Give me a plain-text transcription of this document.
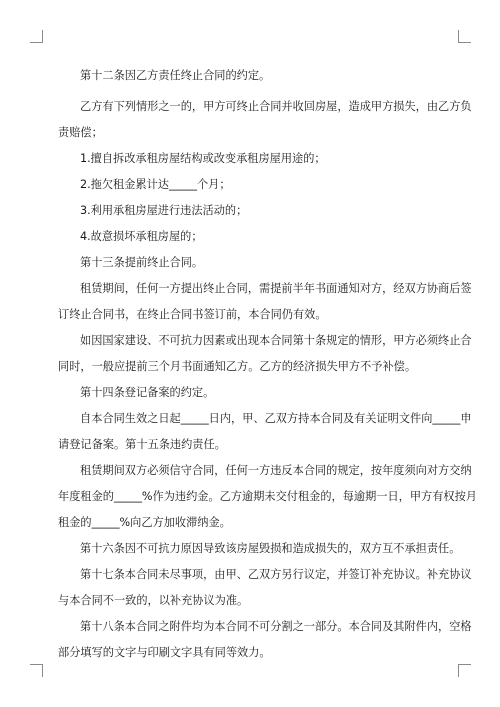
第十二条因乙方责任终止合同的约定。

乙方有下列情形之一的，甲方可终止合同并收回房屋，造成甲方损失，由乙方负

责赔偿；

1.擅自拆改承租房屋结构或改变承租房屋用途的；

2.拖欠租金累计达_____个月；

3.利用承租房屋进行违法活动的；

4.故意损坏承租房屋的；

第十三条提前终止合同。

租赁期间，任何一方提出终止合同，需提前半年书面通知对方，经双方协商后签

订终止合同书，在终止合同书签订前，本合同仍有效。

如因国家建设、不可抗力因素或出现本合同第十条规定的情形，甲方必须终止合

同时，一般应提前三个月书面通知乙方。乙方的经济损失甲方不予补偿。

第十四条登记备案的约定。

自本合同生效之日起_____日内，甲、乙双方持本合同及有关证明文件向_____申

请登记备案。第十五条违约责任。

租赁期间双方必须信守合同，任何一方违反本合同的规定，按年度须向对方交纳

年度租金的_____%作为违约金。乙方逾期未交付租金的，每逾期一日，甲方有权按月

租金的_____%向乙方加收滞纳金。

第十六条因不可抗力原因导致该房屋毁损和造成损失的，双方互不承担责任。

第十七条本合同未尽事项，由甲、乙双方另行议定，并签订补充协议。补充协议

与本合同不一致的，以补充协议为准。

第十八条本合同之附件均为本合同不可分割之一部分。本合同及其附件内，空格

部分填写的文字与印刷文字具有同等效力。
